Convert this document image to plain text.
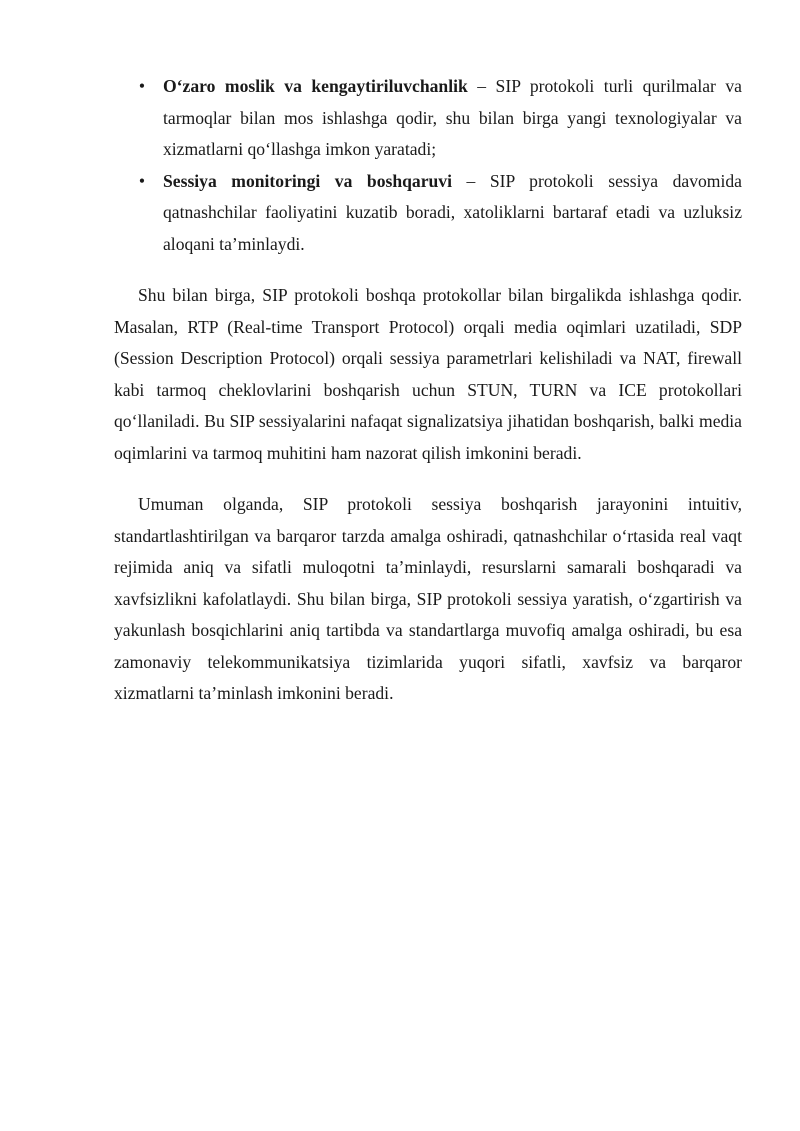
• O‘zaro moslik va kengaytiriluvchanlik – SIP protokoli turli qurilmalar va tarmoqlar bilan mos ishlashga qodir, shu bilan birga yangi texnologiyalar va xizmatlarni qo‘llashga imkon yaratadi;
• Sessiya monitoringi va boshqaruvi – SIP protokoli sessiya davomida qatnashchilar faoliyatini kuzatib boradi, xatoliklarni bartaraf etadi va uzluksiz aloqani ta’minlaydi.

Shu bilan birga, SIP protokoli boshqa protokollar bilan birgalikda ishlashga qodir. Masalan, RTP (Real-time Transport Protocol) orqali media oqimlari uzatiladi, SDP (Session Description Protocol) orqali sessiya parametrlari kelishiladi va NAT, firewall kabi tarmoq cheklovlarini boshqarish uchun STUN, TURN va ICE protokollari qo‘llaniladi. Bu SIP sessiyalarini nafaqat signalizatsiya jihatidan boshqarish, balki media oqimlarini va tarmoq muhitini ham nazorat qilish imkonini beradi.

Umuman olganda, SIP protokoli sessiya boshqarish jarayonini intuitiv, standartlashtirilgan va barqaror tarzda amalga oshiradi, qatnashchilar o‘rtasida real vaqt rejimida aniq va sifatli muloqotni ta’minlaydi, resurslarni samarali boshqaradi va xavfsizlikni kafolatlaydi. Shu bilan birga, SIP protokoli sessiya yaratish, o‘zgartirish va yakunlash bosqichlarini aniq tartibda va standartlarga muvofiq amalga oshiradi, bu esa zamonaviy telekommunikatsiya tizimlarida yuqori sifatli, xavfsiz va barqaror xizmatlarni ta’minlash imkonini beradi.
